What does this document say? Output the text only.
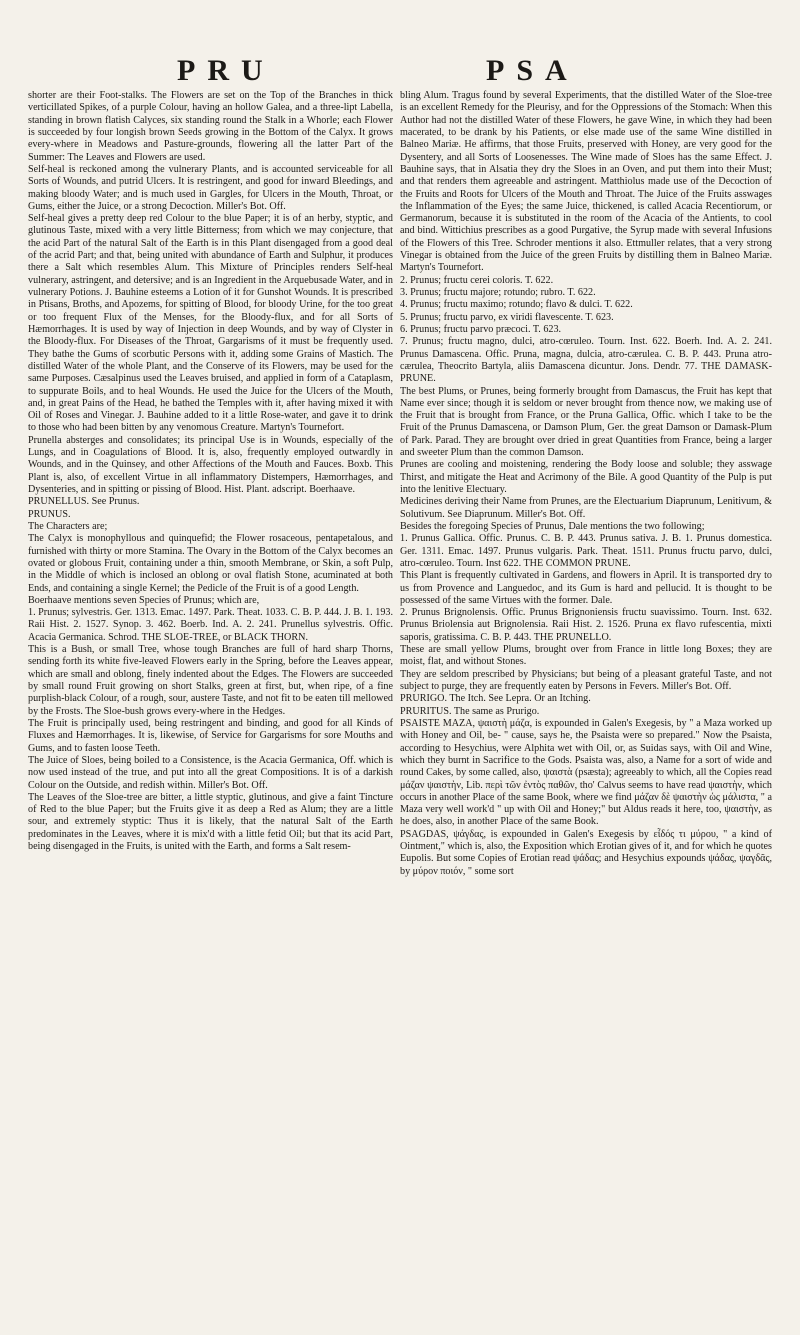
PRU	PSA

shorter are their Foot-stalks. The Flowers are set on the Top of the Branches in thick verticillated Spikes, of a purple Colour, having an hollow Galea, and a three-lipt Labella, standing in brown flatish Calyces, six standing round the Stalk in a Whorle; each Flower is succeeded by four longish brown Seeds growing in the Bottom of the Calyx. It grows every-where in Meadows and Pasture-grounds, flowering all the latter Part of the Summer: The Leaves and Flowers are used.

Self-heal is reckoned among the vulnerary Plants, and is accounted serviceable for all Sorts of Wounds, and putrid Ulcers. It is restringent, and good for inward Bleedings, and making bloody Water; and is much used in Gargles, for Ulcers in the Mouth, Throat, or Gums, either the Juice, or a strong Decoction. Miller's Bot. Off.

Self-heal gives a pretty deep red Colour to the blue Paper; it is of an herby, styptic, and glutinous Taste, mixed with a very little Bitterness; from which we may conjecture, that the acid Part of the natural Salt of the Earth is in this Plant disengaged from a good deal of the acrid Part; and that, being united with abundance of Earth and Sulphur, it produces there a Salt which resembles Alum. This Mixture of Principles renders Self-heal vulnerary, astringent, and detersive; and is an Ingredient in the Arquebusade Water, and in vulnerary Potions. J. Bauhine esteems a Lotion of it for Gunshot Wounds. It is prescribed in Ptisans, Broths, and Apozems, for spitting of Blood, for bloody Urine, for the too great or too frequent Flux of the Menses, for the Bloody-flux, and for all Sorts of Hæmorrhages. It is used by way of Injection in deep Wounds, and by way of Clyster in the Bloody-flux. For Diseases of the Throat, Gargarisms of it must be frequently used. They bathe the Gums of scorbutic Persons with it, adding some Grains of Mastich. The distilled Water of the whole Plant, and the Conserve of its Flowers, may be used for the same Purposes. Cæsalpinus used the Leaves bruised, and applied in form of a Cataplasm, to suppurate Boils, and to heal Wounds. He used the Juice for the Ulcers of the Mouth, and, in great Pains of the Head, he bathed the Temples with it, after having mixed it with Oil of Roses and Vinegar. J. Bauhine added to it a little Rose-water, and gave it to drink to those who had been bitten by any venomous Creature. Martyn's Tournefort.

Prunella absterges and consolidates; its principal Use is in Wounds, especially of the Lungs, and in Coagulations of Blood. It is, also, frequently employed outwardly in Wounds, and in the Quinsey, and other Affections of the Mouth and Fauces. Boxb. This Plant is, also, of excellent Virtue in all inflammatory Distempers, Hæmorrhages, and Dysenteries, and in spitting or pissing of Blood. Hist. Plant. adscript. Boerhaave.

PRUNELLUS. See Prunus.

PRUNUS.

The Characters are;

The Calyx is monophyllous and quinquefid; the Flower rosaceous, pentapetalous, and furnished with thirty or more Stamina. The Ovary in the Bottom of the Calyx becomes an ovated or globous Fruit, containing under a thin, smooth Membrane, or Skin, a soft Pulp, in the Middle of which is inclosed an oblong or oval flatish Stone, acuminated at both Ends, and containing a single Kernel; the Pedicle of the Fruit is of a good Length.

Boerhaave mentions seven Species of Prunus; which are,

1. Prunus; sylvestris. Ger. 1313. Emac. 1497. Park. Theat. 1033. C. B. P. 444. J. B. 1. 193. Raii Hist. 2. 1527. Synop. 3. 462. Boerb. Ind. A. 2. 241. Prunellus sylvestris. Offic. Acacia Germanica. Schrod. THE SLOE-TREE, or BLACK THORN.

This is a Bush, or small Tree, whose tough Branches are full of hard sharp Thorns, sending forth its white five-leaved Flowers early in the Spring, before the Leaves appear, which are small and oblong, finely indented about the Edges. The Flowers are succeeded by small round Fruit growing on short Stalks, green at first, but, when ripe, of a fine purplish-black Colour, of a rough, sour, austere Taste, and not fit to be eaten till mellowed by the Frosts. The Sloe-bush grows every-where in the Hedges.

The Fruit is principally used, being restringent and binding, and good for all Kinds of Fluxes and Hæmorrhages. It is, likewise, of Service for Gargarisms for sore Mouths and Gums, and to fasten loose Teeth.

The Juice of Sloes, being boiled to a Consistence, is the Acacia Germanica, Off. which is now used instead of the true, and put into all the great Compositions. It is of a darkish Colour on the Outside, and redish within. Miller's Bot. Off.

The Leaves of the Sloe-tree are bitter, a little styptic, glutinous, and give a faint Tincture of Red to the blue Paper; but the Fruits give it as deep a Red as Alum; they are a little sour, and extremely styptic: Thus it is likely, that the natural Salt of the Earth predominates in the Leaves, where it is mix'd with a little fetid Oil; but that its acid Part, being disengaged in the Fruits, is united with the Earth, and forms a Salt resem-

bling Alum. Tragus found by several Experiments, that the distilled Water of the Sloe-tree is an excellent Remedy for the Pleurisy, and for the Oppressions of the Stomach: When this Author had not the distilled Water of these Flowers, he gave Wine, in which they had been macerated, to be drank by his Patients, or else made use of the same Wine distilled in Balneo Mariæ. He affirms, that those Fruits, preserved with Honey, are very good for the Dysentery, and all Sorts of Loosenesses. The Wine made of Sloes has the same Effect. J. Bauhine says, that in Alsatia they dry the Sloes in an Oven, and put them into their Must; and that renders them agreeable and astringent. Matthiolus made use of the Decoction of the Fruits and Roots for Ulcers of the Mouth and Throat. The Juice of the Fruits asswages the Inflammation of the Eyes; the same Juice, thickened, is called Acacia Recentiorum, or Germanorum, because it is substituted in the room of the Acacia of the Antients, to cool and bind. Wittichius prescribes as a good Purgative, the Syrup made with several Infusions of the Flowers of this Tree. Schroder mentions it also. Ettmuller relates, that a very strong Vinegar is obtained from the Juice of the green Fruits by distilling them in Balneo Mariæ. Martyn's Tournefort.

2. Prunus; fructu cerei coloris. T. 622.

3. Prunus; fructu majore; rotundo; rubro. T. 622.

4. Prunus; fructu maximo; rotundo; flavo & dulci. T. 622.

5. Prunus; fructu parvo, ex viridi flavescente. T. 623.

6. Prunus; fructu parvo præcoci. T. 623.

7. Prunus; fructu magno, dulci, atro-cœruleo. Tourn. Inst. 622. Boerh. Ind. A. 2. 241. Prunus Damascena. Offic. Pruna, magna, dulcia, atro-cærulea. C. B. P. 443. Pruna atro-cærulea, Theocrito Bartyla, aliis Damascena dicuntur. Jons. Dendr. 77. THE DAMASK-PRUNE.

The best Plums, or Prunes, being formerly brought from Damascus, the Fruit has kept that Name ever since; though it is seldom or never brought from thence now, we making use of the Fruit that is brought from France, or the Pruna Gallica, Offic. which I take to be the Fruit of the Prunus Damascena, or Damson Plum, Ger. the great Damson or Damask-Plum of Park. Parad. They are brought over dried in great Quantities from France, being a larger and sweeter Plum than the common Damson.

Prunes are cooling and moistening, rendering the Body loose and soluble; they asswage Thirst, and mitigate the Heat and Acrimony of the Bile. A good Quantity of the Pulp is put into the lenitive Electuary.

Medicines deriving their Name from Prunes, are the Electuarium Diaprunum, Lenitivum, & Solutivum. See Diaprunum. Miller's Bot. Off.

Besides the foregoing Species of Prunus, Dale mentions the two following;

1. Prunus Gallica. Offic. Prunus. C. B. P. 443. Prunus sativa. J. B. 1. Prunus domestica. Ger. 1311. Emac. 1497. Prunus vulgaris. Park. Theat. 1511. Prunus fructu parvo, dulci, atro-cœruleo. Tourn. Inst 622. THE COMMON PRUNE.

This Plant is frequently cultivated in Gardens, and flowers in April. It is transported dry to us from Provence and Languedoc, and its Gum is hard and pellucid. It is thought to be possessed of the same Virtues with the former. Dale.

2. Prunus Brignolensis. Offic. Prunus Brignoniensis fructu suavissimo. Tourn. Inst. 632. Prunus Briolensia aut Brignolensia. Raii Hist. 2. 1526. Pruna ex flavo rufescentia, mixti saporis, gratissima. C. B. P. 443. THE PRUNELLO.

These are small yellow Plums, brought over from France in little long Boxes; they are moist, flat, and without Stones.

They are seldom prescribed by Physicians; but being of a pleasant grateful Taste, and not subject to purge, they are frequently eaten by Persons in Fevers. Miller's Bot. Off.

PRURIGO. The Itch. See Lepra. Or an Itching.

PRURITUS. The same as Prurigo.

PSAISTE MAZA, ψαιστὴ μάζα, is expounded in Galen's Exegesis, by " a Maza worked up with Honey and Oil, be- " cause, says he, the Psaista were so prepared." Now the Psaista, according to Hesychius, were Alphita wet with Oil, or, as Suidas says, with Oil and Wine, which they burnt in Sacrifice to the Gods. Psaista was, also, a Name for a sort of wide and round Cakes, by some called, also, ψαιστὰ (psæsta); agreeably to which, all the Copies read μάζαν ψαιστὴν, Lib. περὶ τῶν ἐντὸς παθῶν, tho' Calvus seems to have read ψαιστὴν, which occurs in another Place of the same Book, where we find μάζαν δὲ ψαιστὴν ὡς μάλιστα, " a Maza very well work'd " up with Oil and Honey;" but Aldus reads it here, too, ψαιστὴν, as he does, also, in another Place of the same Book.

PSAGDAS, ψάγδας, is expounded in Galen's Exegesis by εἶδός τι μύρου, " a kind of Ointment," which is, also, the Exposition which Erotian gives of it, and for which he quotes Eupolis. But some Copies of Erotian read ψάδας; and Hesychius expounds ψάδας, ψαγδᾶς, by μύρον ποιόν, " some sort
